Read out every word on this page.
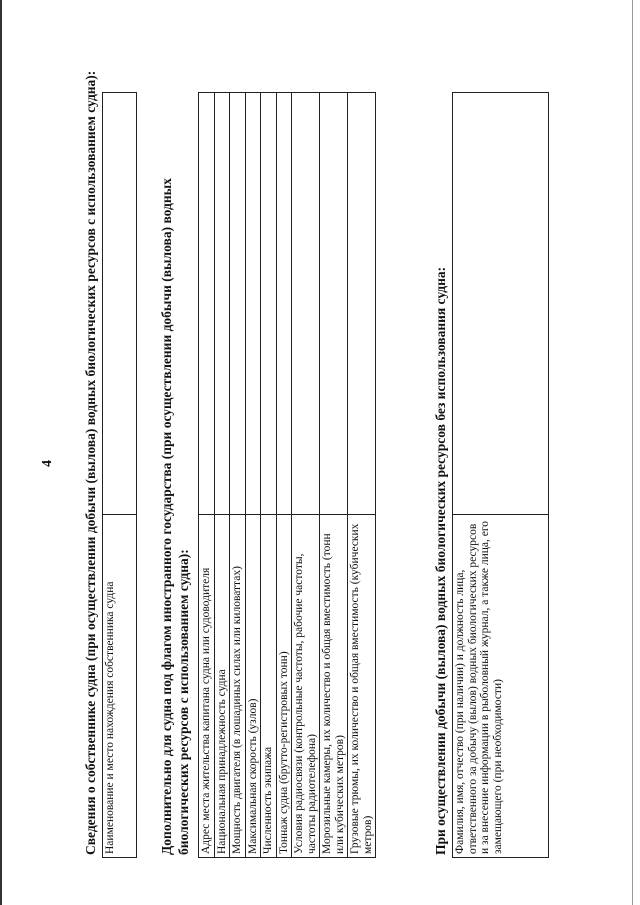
4 Сведения о собственнике судна (при осуществлении добычи (вылова) водных биологических ресурсов с использованием судна): Наименование и место нахождения собственника судна		Дополнительно для судна под флагом иностранного государства (при осуществлении добычи (вылова) водных биологических ресурсов с использованием судна): Адрес места жительства капитана судна или судоводителя	
Национальная принадлежность судна	
Мощность двигателя (в лошадиных силах или киловаттах)	
Максимальная скорость (узлов)	
Численность экипажа	
Тоннаж судна (брутто-регистровых тонн)	
Условия радиосвязи (контрольные частоты, рабочие частоты, частоты радиотелефона)	
Морозильные камеры, их количество и общая вместимость (тонн или кубических метров)	
Грузовые трюмы, их количество и общая вместимость (кубических метров)		При осуществлении добычи (вылова) водных биологических ресурсов без использования судна: Фамилия, имя, отчество (при наличии) и должность лица, ответственного за добычу (вылов) водных биологических ресурсов и за внесение информации в рыболовный журнал, а также лица, его замещающего (при необходимости)	
